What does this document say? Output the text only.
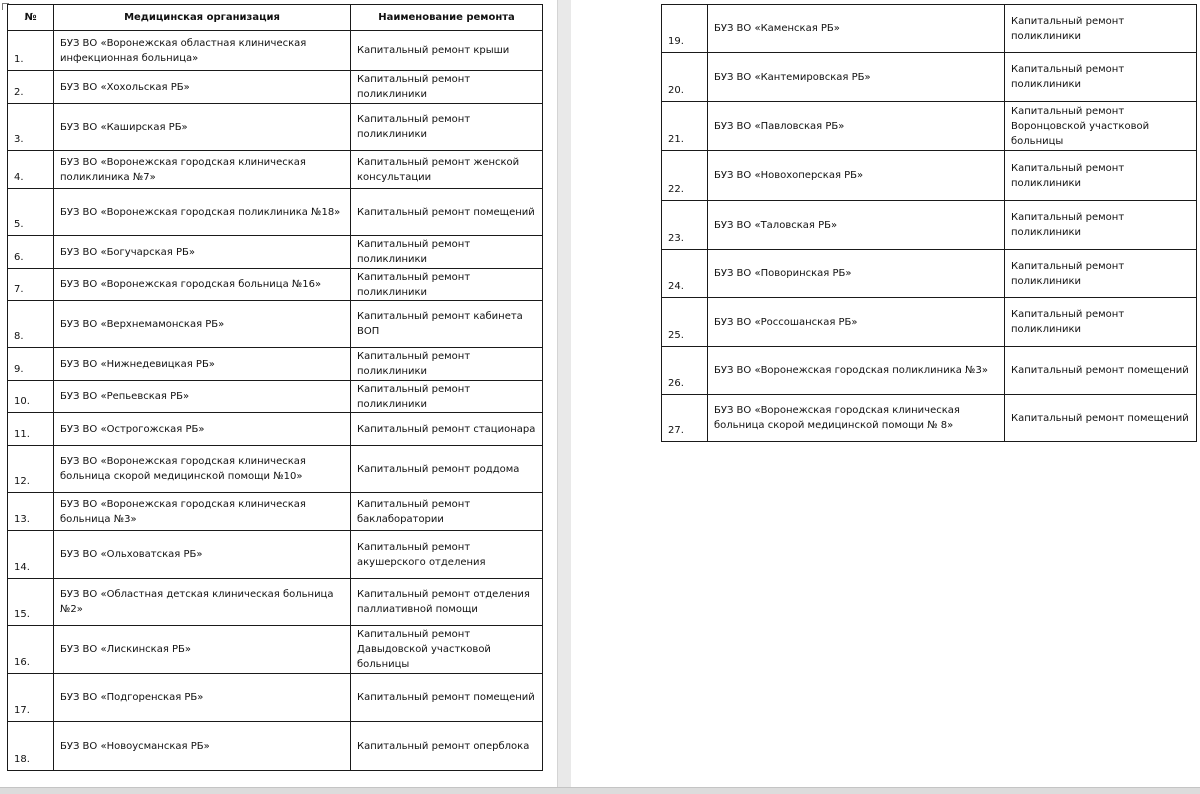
№	Медицинская организация	Наименование ремонта
1.	БУЗ ВО «Воронежская областная клиническая инфекционная больница»	Капитальный ремонт крыши
2.	БУЗ ВО «Хохольская РБ»	Капитальный ремонт поликлиники
3.	БУЗ ВО «Каширская РБ»	Капитальный ремонт поликлиники
4.	БУЗ ВО «Воронежская городская клиническая поликлиника №7»	Капитальный ремонт женской консультации
5.	БУЗ ВО «Воронежская городская поликлиника №18»	Капитальный ремонт помещений
6.	БУЗ ВО «Богучарская РБ»	Капитальный ремонт поликлиники
7.	БУЗ ВО «Воронежская городская больница №16»	Капитальный ремонт поликлиники
8.	БУЗ ВО «Верхнемамонская РБ»	Капитальный ремонт кабинета ВОП
9.	БУЗ ВО «Нижнедевицкая РБ»	Капитальный ремонт поликлиники
10.	БУЗ ВО «Репьевская РБ»	Капитальный ремонт поликлиники
11.	БУЗ ВО «Острогожская РБ»	Капитальный ремонт стационара
12.	БУЗ ВО «Воронежская городская клиническая больница скорой медицинской помощи №10»	Капитальный ремонт роддома
13.	БУЗ ВО «Воронежская городская клиническая больница №3»	Капитальный ремонт баклаборатории
14.	БУЗ ВО «Ольховатская РБ»	Капитальный ремонт акушерского отделения
15.	БУЗ ВО «Областная детская клиническая больница №2»	Капитальный ремонт отделения паллиативной помощи
16.	БУЗ ВО «Лискинская РБ»	Капитальный ремонт Давыдовской участковой больницы
17.	БУЗ ВО «Подгоренская РБ»	Капитальный ремонт помещений
18.	БУЗ ВО «Новоусманская РБ»	Капитальный ремонт оперблока
19.	БУЗ ВО «Каменская РБ»	Капитальный ремонт поликлиники
20.	БУЗ ВО «Кантемировская РБ»	Капитальный ремонт поликлиники
21.	БУЗ ВО «Павловская РБ»	Капитальный ремонт Воронцовской участковой больницы
22.	БУЗ ВО «Новохоперская РБ»	Капитальный ремонт поликлиники
23.	БУЗ ВО «Таловская РБ»	Капитальный ремонт поликлиники
24.	БУЗ ВО «Поворинская РБ»	Капитальный ремонт поликлиники
25.	БУЗ ВО «Россошанская РБ»	Капитальный ремонт поликлиники
26.	БУЗ ВО «Воронежская городская поликлиника №3»	Капитальный ремонт помещений
27.	БУЗ ВО «Воронежская городская клиническая больница скорой медицинской помощи № 8»	Капитальный ремонт помещений
